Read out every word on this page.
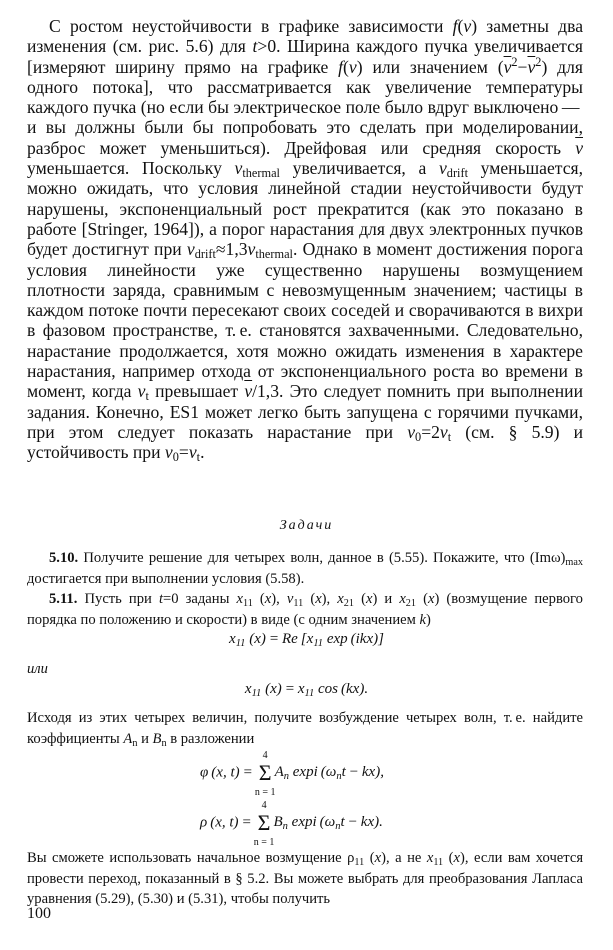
С ростом неустойчивости в графике зависимости f(v) заметны два изменения (см. рис. 5.6) для t>0. Ширина каждого пучка увеличивается [измеряют ширину прямо на графике f(v) или значением $(\overline{v}^2-\overline{v}^2)$ для одного потока], что рассматривается как увеличение температуры каждого пучка (но если бы электрическое поле было вдруг выключено — и вы должны были бы попробовать это сделать при моделировании, разброс может уменьшиться). Дрейфовая или средняя скорость $\overline{v}$ уменьшается. Поскольку $v_{thermal}$ увеличивается, а $v_{drift}$ уменьшается, можно ожидать, что условия линейной стадии неустойчивости будут нарушены, экспоненциальный рост прекратится (как это показано в работе [Stringer, 1964]), а порог нарастания для двух электронных пучков будет достигнут при $v_{drift}\approx 1,3v_{thermal}$. Однако в момент достижения порога условия линейности уже существенно нарушены возмущением плотности заряда, сравнимым с невозмущенным значением; частицы в каждом потоке почти пересекают своих соседей и сворачиваются в вихри в фазовом пространстве, т. е. становятся захваченными. Следовательно, нарастание продолжается, хотя можно ожидать изменения в характере нарастания, например отхода от экспоненциального роста во времени в момент, когда $v_t$ превышает $\overline{v}/1,3$. Это следует помнить при выполнении задания. Конечно, ES1 может легко быть запущена с горячими пучками, при этом следует показать нарастание при $v_0=2v_t$ (см. § 5.9) и устойчивость при $v_0=v_t$.

Задачи

5.10. Получите решение для четырех волн, данное в (5.55). Покажите, что $(Im\omega)_{max}$ достигается при выполнении условия (5.58).

5.11. Пусть при t=0 заданы $x_{11}$ (x), $v_{11}$ (x), $x_{21}$ (x) и $x_{21}$ (x) (возмущение первого порядка по положению и скорости) в виде (с одним значением k)

$x_{11}$ (x) = Re [$x_{11}$ exp (ikx)]
или
$x_{11}$ $(x) = x_{11}$ cos (kx).

Исходя из этих четырех величин, получите возбуждение четырех волн, т. е. найдите коэффициенты $A_n$ и $B_n$ в разложении

φ (x, t) = 
4
Σ
n = 1
$A_n$ expi $(\omega_nt - kx)$,
ρ (x, t) = 
4
Σ
n = 1
$B_n$ expi $(\omega_nt - kx)$.

Вы сможете использовать начальное возмущение $\rho_{11}$ (x), а не $x_{11}$ (x), если вам хочется провести переход, показанный в § 5.2. Вы можете выбрать для преобразования Лапласа уравнения (5.29), (5.30) и (5.31), чтобы получить

100
